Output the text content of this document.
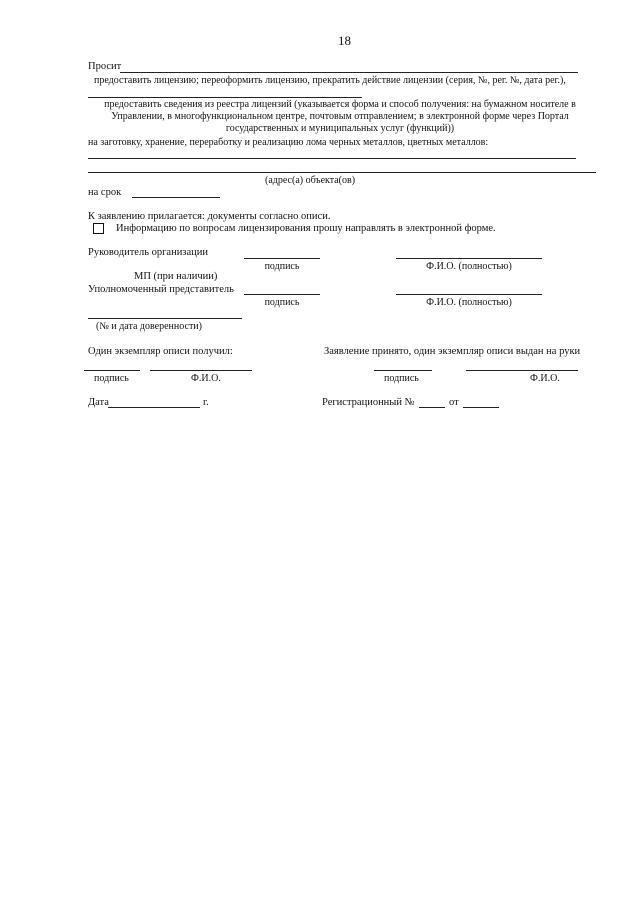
18
Просит
предоставить лицензию; переоформить лицензию, прекратить действие лицензии (серия, №, рег. №, дата рег.),
предоставить сведения из реестра лицензий (указывается форма и способ получения: на бумажном носителе в
Управлении, в многофункциональном центре, почтовым отправлением; в электронной форме через Портал
государственных и муниципальных услуг (функций))
на заготовку, хранение, переработку и реализацию лома черных металлов, цветных металлов:
(адрес(а) объекта(ов)
на срок
К заявлению прилагается: документы согласно описи.
Информацию по вопросам лицензирования прошу направлять в электронной форме.
Руководитель организации
подпись	Ф.И.О. (полностью)
МП (при наличии)
Уполномоченный представитель
подпись	Ф.И.О. (полностью)
(№ и дата доверенности)
Один экземпляр описи получил:	Заявление принято, один экземпляр описи выдан на руки
подпись	Ф.И.О.	подпись	Ф.И.О.
Дата	г.	Регистрационный №	от
